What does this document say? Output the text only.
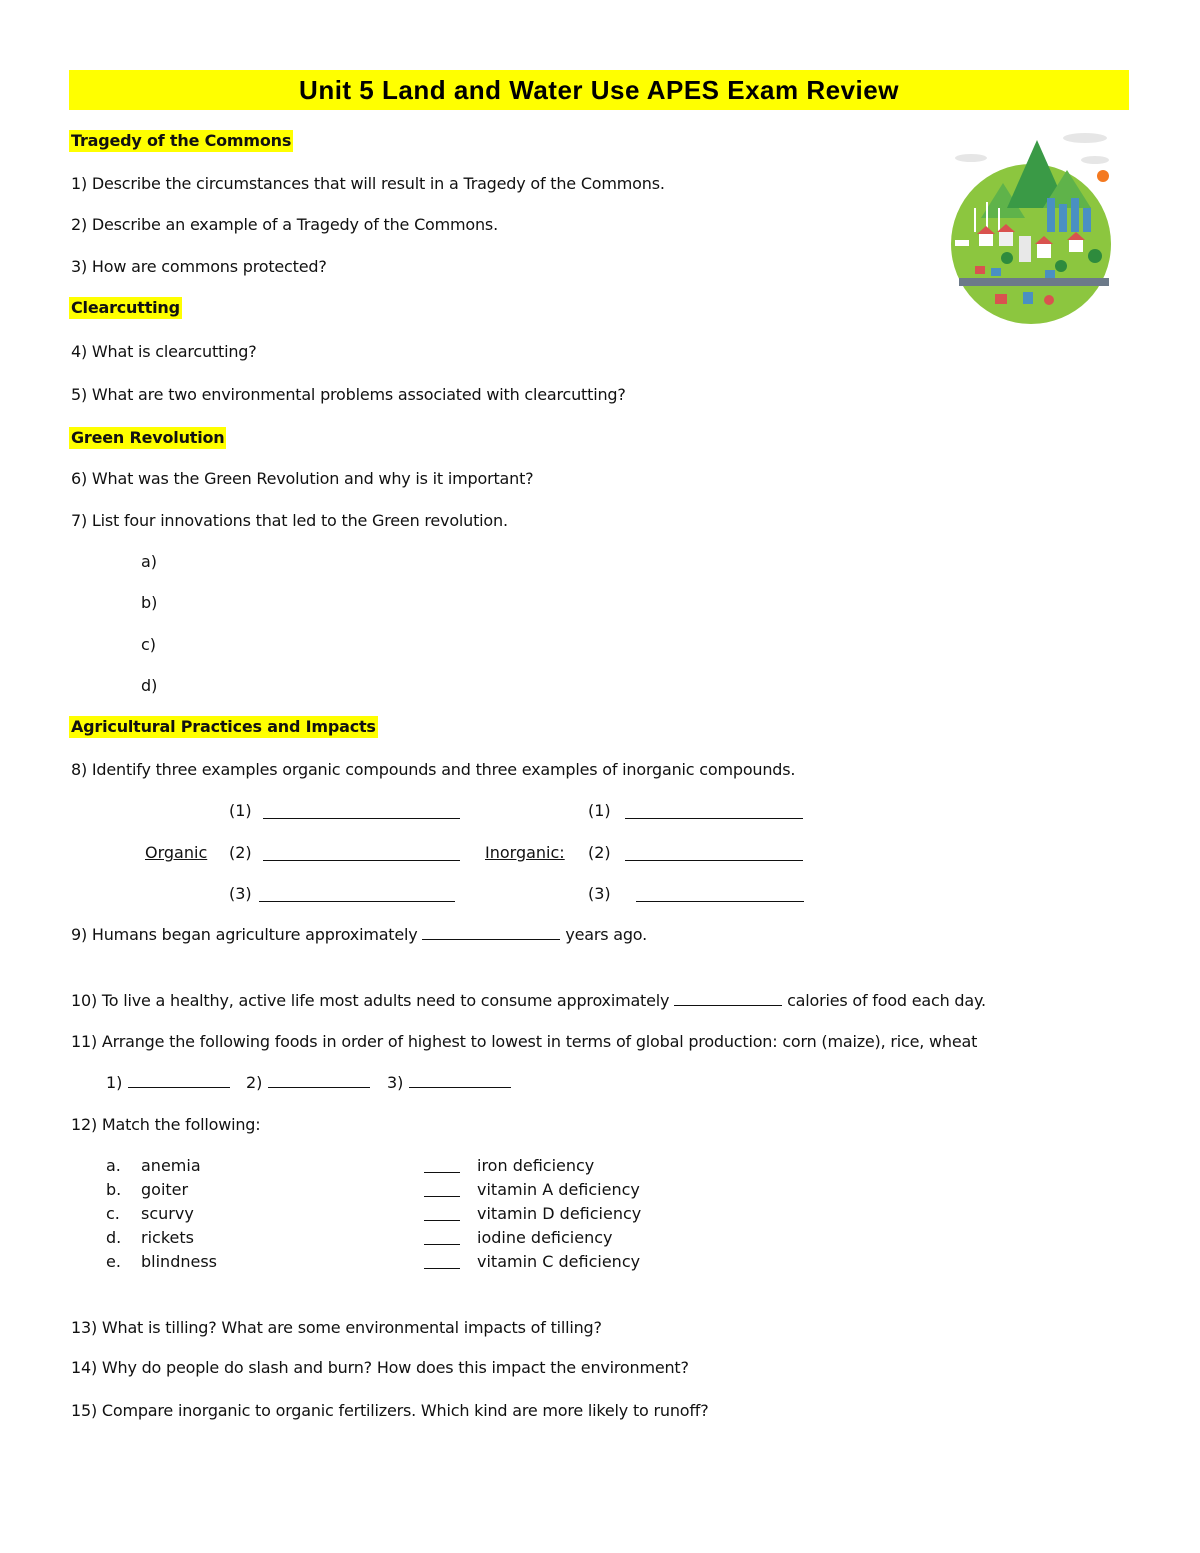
Unit 5 Land and Water Use APES Exam Review
Tragedy of the Commons
1) Describe the circumstances that will result in a Tragedy of the Commons.
2) Describe an example of a Tragedy of the Commons.
3) How are commons protected?
Clearcutting
4) What is clearcutting?
5) What are two environmental problems associated with clearcutting?
Green Revolution
6) What was the Green Revolution and why is it important?
7) List four innovations that led to the Green revolution.
a)
b)
c)
d)
Agricultural Practices and Impacts
8) Identify three examples organic compounds and three examples of inorganic compounds.
(1)	(1)
Organic (2)	Inorganic: (2)
(3)	(3)
9) Humans began agriculture approximately	years ago.
10) To live a healthy, active life most adults need to consume approximately	calories of food each day.
11) Arrange the following foods in order of highest to lowest in terms of global production: corn (maize), rice, wheat
1)	2)	3)
12) Match the following:
a. anemia	iron deficiency
b. goiter	vitamin A deficiency
c. scurvy	vitamin D deficiency
d. rickets	iodine deficiency
e. blindness	vitamin C deficiency
13) What is tilling? What are some environmental impacts of tilling?
14) Why do people do slash and burn? How does this impact the environment?
15) Compare inorganic to organic fertilizers. Which kind are more likely to runoff?
